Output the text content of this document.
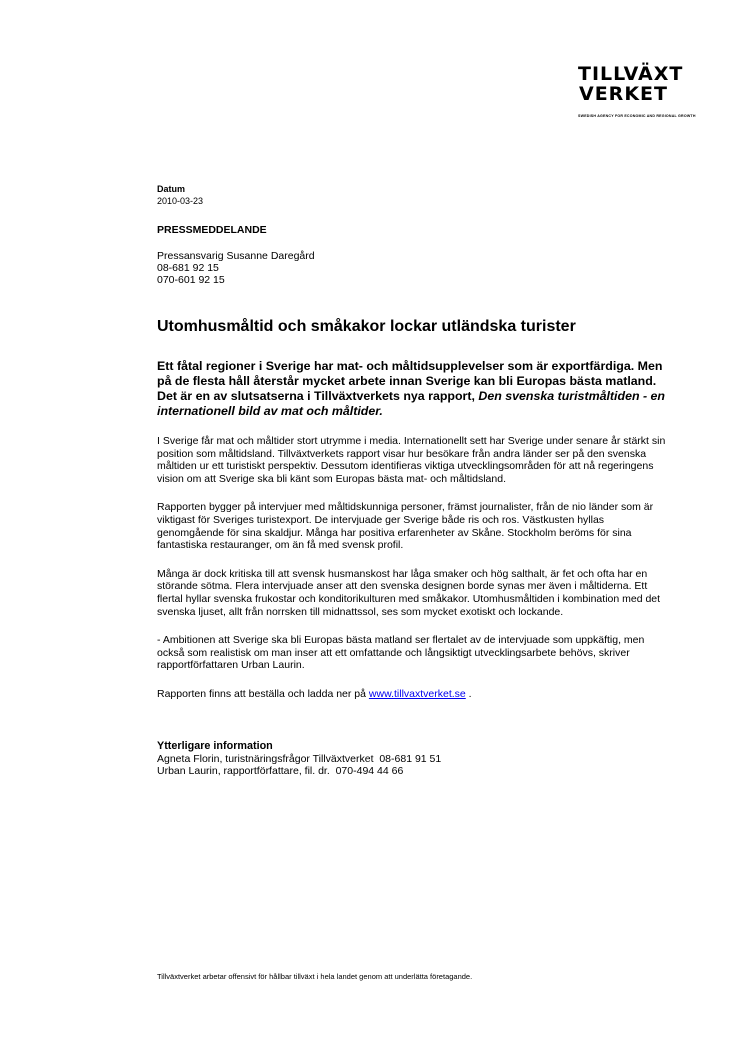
TILLVÄXT
VERKET
SWEDISH AGENCY FOR ECONOMIC AND REGIONAL GROWTH
Datum
2010-03-23
PRESSMEDDELANDE
Pressansvarig Susanne Daregård
08-681 92 15
070-601 92 15
Utomhusmåltid och småkakor lockar utländska turister
Ett fåtal regioner i Sverige har mat- och måltidsupplevelser som är exportfärdiga. Men på de flesta håll återstår mycket arbete innan Sverige kan bli Europas bästa matland. Det är en av slutsatserna i Tillväxtverkets nya rapport, Den svenska turistmåltiden - en internationell bild av mat och måltider.
I Sverige får mat och måltider stort utrymme i media. Internationellt sett har Sverige under senare år stärkt sin position som måltidsland. Tillväxtverkets rapport visar hur besökare från andra länder ser på den svenska måltiden ur ett turistiskt perspektiv. Dessutom identifieras viktiga utvecklingsområden för att nå regeringens vision om att Sverige ska bli känt som Europas bästa mat- och måltidsland.
Rapporten bygger på intervjuer med måltidskunniga personer, främst journalister, från de nio länder som är viktigast för Sveriges turistexport. De intervjuade ger Sverige både ris och ros. Västkusten hyllas genomgående för sina skaldjur. Många har positiva erfarenheter av Skåne. Stockholm beröms för sina fantastiska restauranger, om än få med svensk profil.
Många är dock kritiska till att svensk husmanskost har låga smaker och hög salthalt, är fet och ofta har en störande sötma. Flera intervjuade anser att den svenska designen borde synas mer även i måltiderna. Ett flertal hyllar svenska frukostar och konditorikulturen med småkakor. Utomhusmåltiden i kombination med det svenska ljuset, allt från norrsken till midnattssol, ses som mycket exotiskt och lockande.
- Ambitionen att Sverige ska bli Europas bästa matland ser flertalet av de intervjuade som uppkäftig, men också som realistisk om man inser att ett omfattande och långsiktigt utvecklingsarbete behövs, skriver rapportförfattaren Urban Laurin.
Rapporten finns att beställa och ladda ner på www.tillvaxtverket.se .
Ytterligare information
Agneta Florin, turistnäringsfrågor Tillväxtverket  08-681 91 51
Urban Laurin, rapportförfattare, fil. dr.  070-494 44 66
Tillväxtverket arbetar offensivt för hållbar tillväxt i hela landet genom att underlätta företagande.
